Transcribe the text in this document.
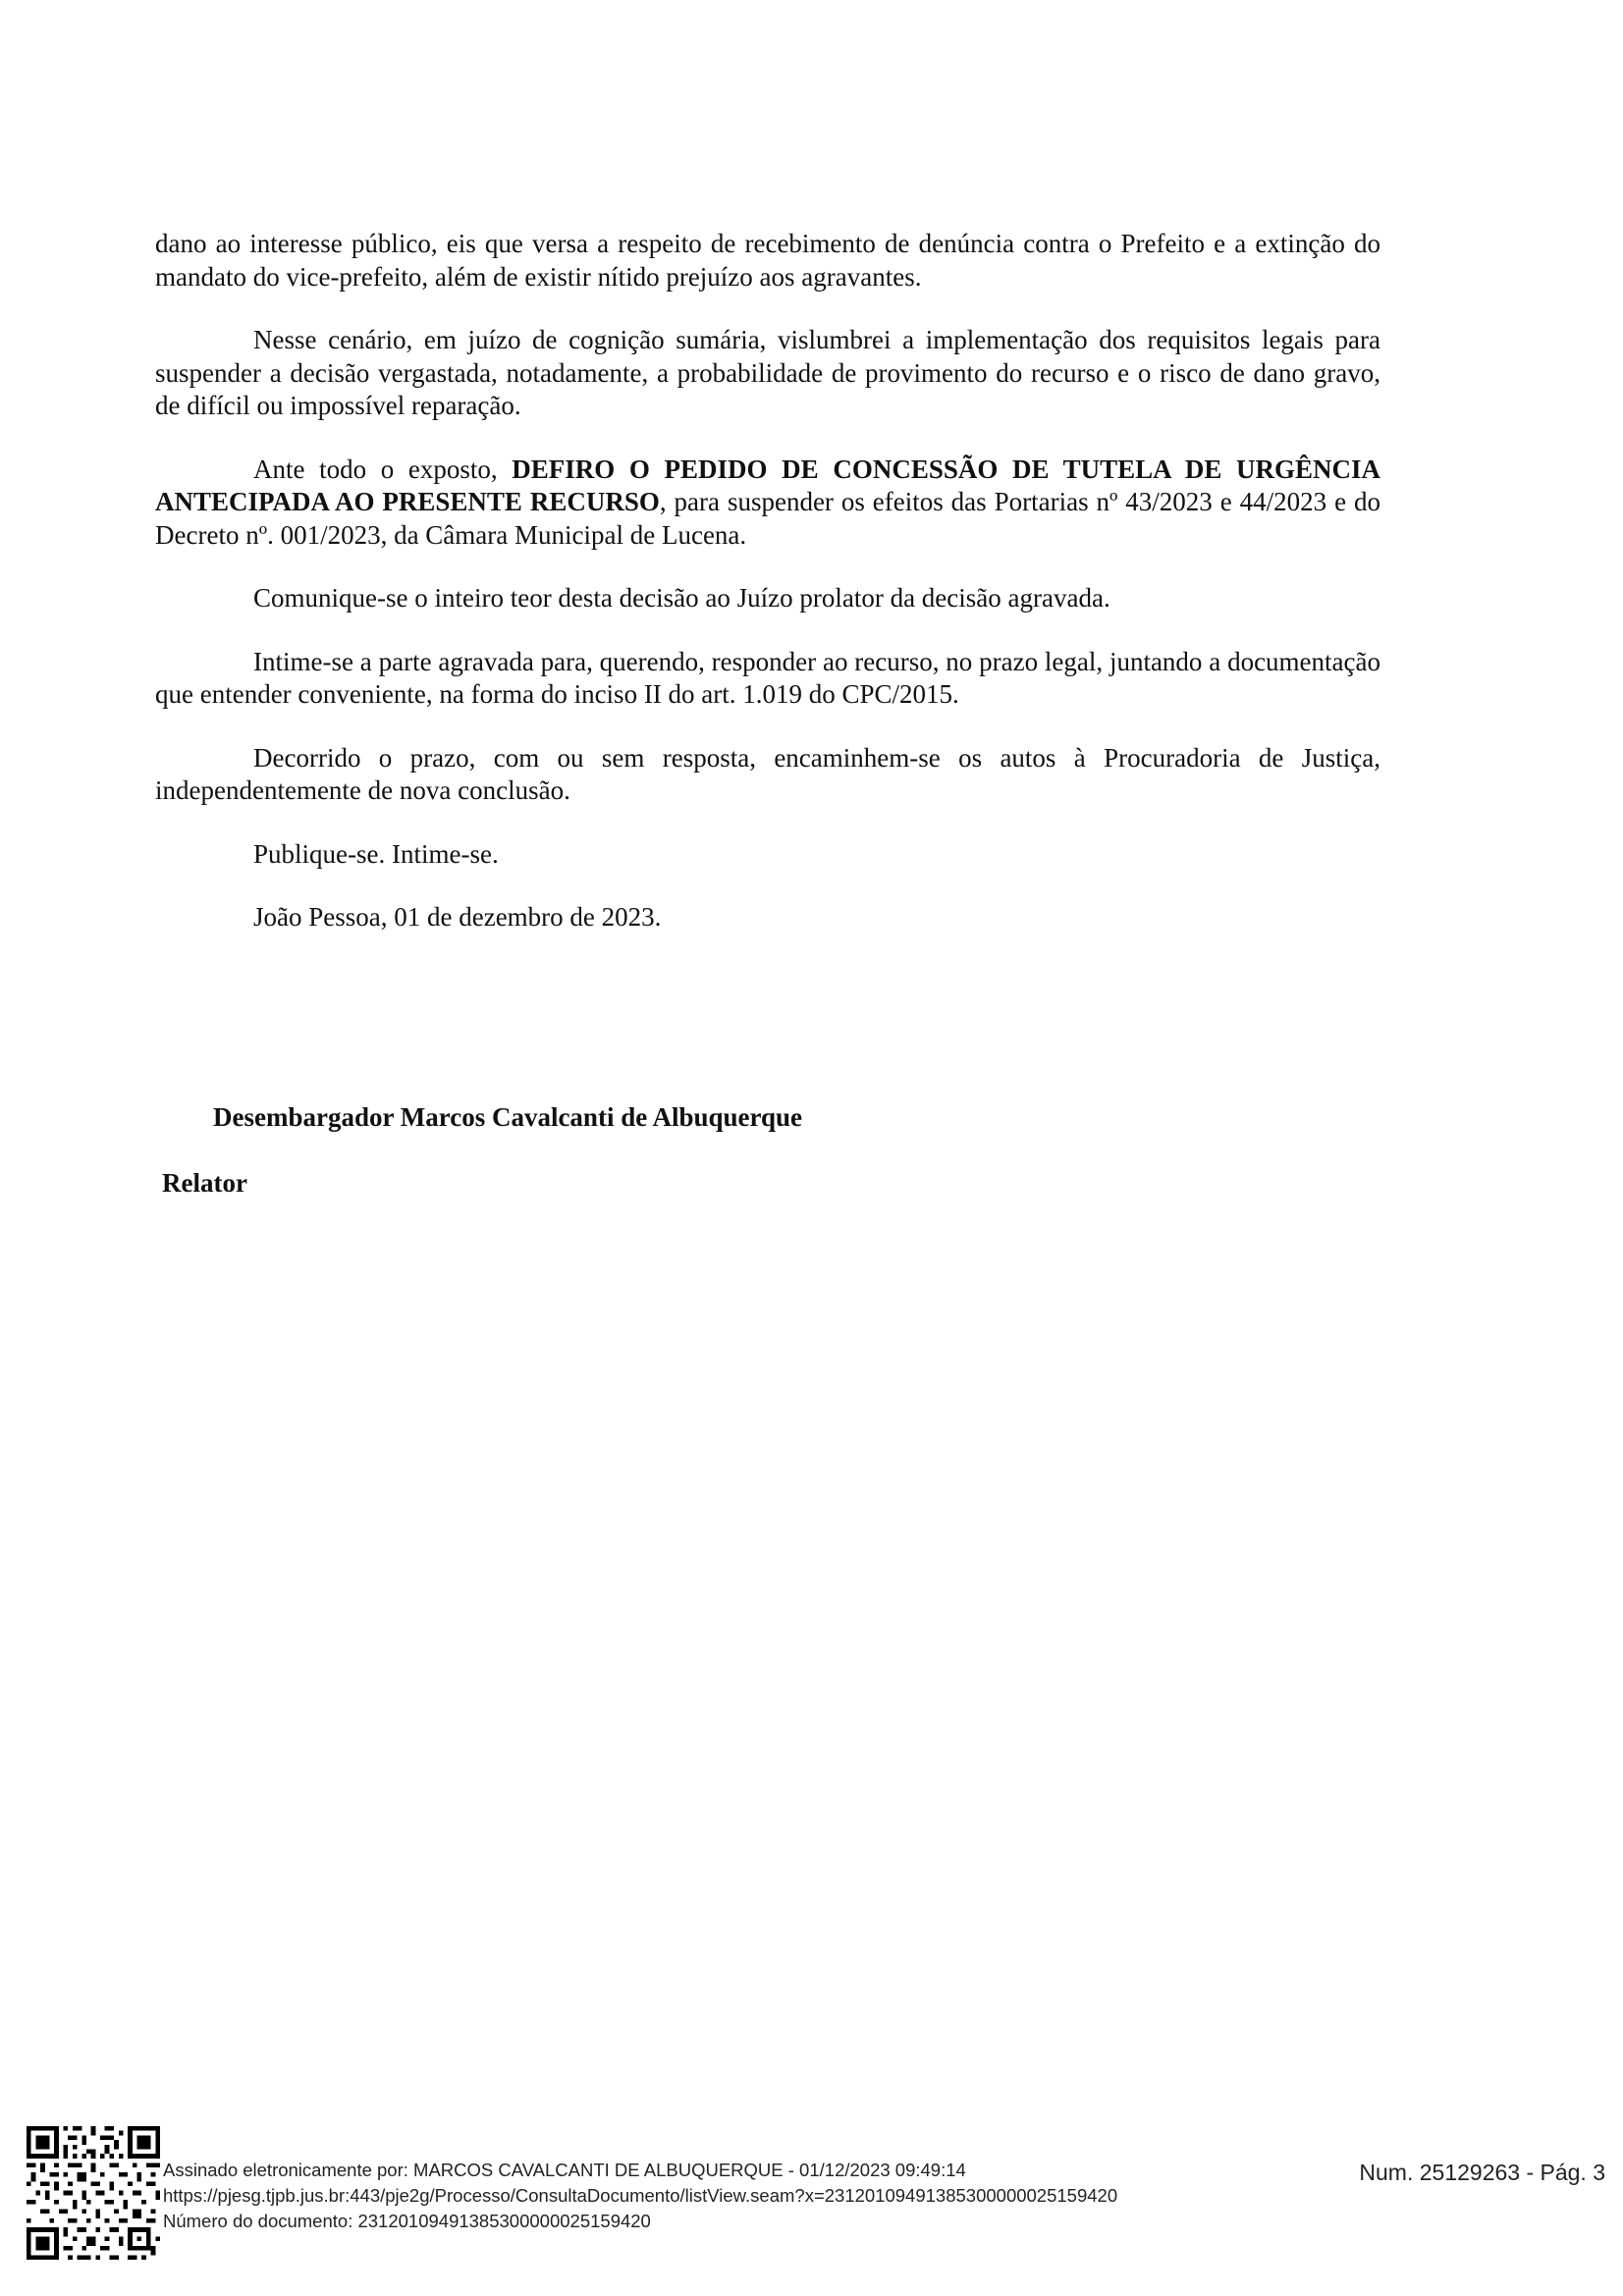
dano ao interesse público, eis que versa a respeito de recebimento de denúncia contra o Prefeito e a extinção do mandato do vice-prefeito, além de existir nítido prejuízo aos agravantes.

Nesse cenário, em juízo de cognição sumária, vislumbrei a implementação dos requisitos legais para suspender a decisão vergastada, notadamente, a probabilidade de provimento do recurso e o risco de dano gravo, de difícil ou impossível reparação.

Ante todo o exposto, DEFIRO O PEDIDO DE CONCESSÃO DE TUTELA DE URGÊNCIA ANTECIPADA AO PRESENTE RECURSO, para suspender os efeitos das Portarias nº 43/2023 e 44/2023 e do Decreto nº. 001/2023, da Câmara Municipal de Lucena.

Comunique-se o inteiro teor desta decisão ao Juízo prolator da decisão agravada.

Intime-se a parte agravada para, querendo, responder ao recurso, no prazo legal, juntando a documentação que entender conveniente, na forma do inciso II do art. 1.019 do CPC/2015.

Decorrido o prazo, com ou sem resposta, encaminhem-se os autos à Procuradoria de Justiça, independentemente de nova conclusão.

Publique-se. Intime-se.

João Pessoa, 01 de dezembro de 2023.

Desembargador Marcos Cavalcanti de Albuquerque

Relator

Assinado eletronicamente por: MARCOS CAVALCANTI DE ALBUQUERQUE - 01/12/2023 09:49:14
https://pjesg.tjpb.jus.br:443/pje2g/Processo/ConsultaDocumento/listView.seam?x=23120109491385300000025159420
Número do documento: 23120109491385300000025159420
Num. 25129263 - Pág. 3
